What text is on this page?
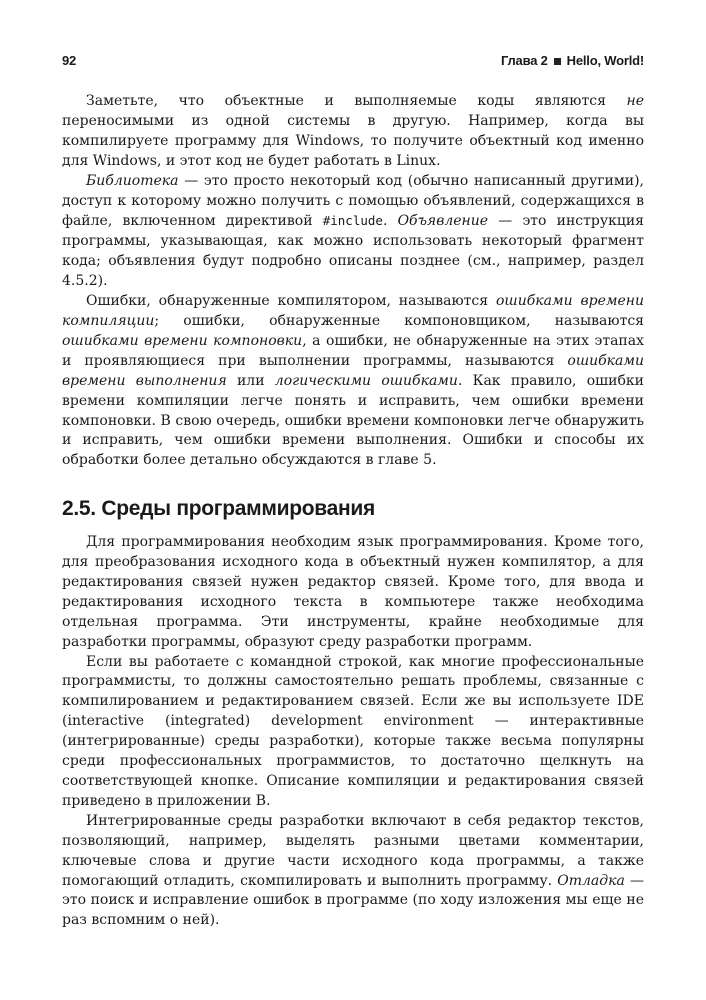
92	Глава 2 Hello, World!

Заметьте, что объектные и выполняемые коды являются не переносимыми из одной системы в другую. Например, когда вы компилируете программу для Windows, то получите объектный код именно для Windows, и этот код не будет работать в Linux.

Библиотека — это просто некоторый код (обычно написанный другими), доступ к которому можно получить с помощью объявлений, содержащихся в файле, включенном директивой #include. Объявление — это инструкция программы, указывающая, как можно использовать некоторый фрагмент кода; объявления будут подробно описаны позднее (см., например, раздел 4.5.2).

Ошибки, обнаруженные компилятором, называются ошибками времени компиляции; ошибки, обнаруженные компоновщиком, называются ошибками времени компоновки, а ошибки, не обнаруженные на этих этапах и проявляющиеся при выполнении программы, называются ошибками времени выполнения или логическими ошибками. Как правило, ошибки времени компиляции легче понять и исправить, чем ошибки времени компоновки. В свою очередь, ошибки времени компоновки легче обнаружить и исправить, чем ошибки времени выполнения. Ошибки и способы их обработки более детально обсуждаются в главе 5.

2.5. Среды программирования

Для программирования необходим язык программирования. Кроме того, для преобразования исходного кода в объектный нужен компилятор, а для редактирования связей нужен редактор связей. Кроме того, для ввода и редактирования исходного текста в компьютере также необходима отдельная программа. Эти инструменты, крайне необходимые для разработки программы, образуют среду разработки программ.

Если вы работаете с командной строкой, как многие профессиональные программисты, то должны самостоятельно решать проблемы, связанные с компилированием и редактированием связей. Если же вы используете IDE (interactive (integrated) development environment — интерактивные (интегрированные) среды разработки), которые также весьма популярны среди профессиональных программистов, то достаточно щелкнуть на соответствующей кнопке. Описание компиляции и редактирования связей приведено в приложении В.

Интегрированные среды разработки включают в себя редактор текстов, позволяющий, например, выделять разными цветами комментарии, ключевые слова и другие части исходного кода программы, а также помогающий отладить, скомпилировать и выполнить программу. Отладка — это поиск и исправление ошибок в программе (по ходу изложения мы еще не раз вспомним о ней).
